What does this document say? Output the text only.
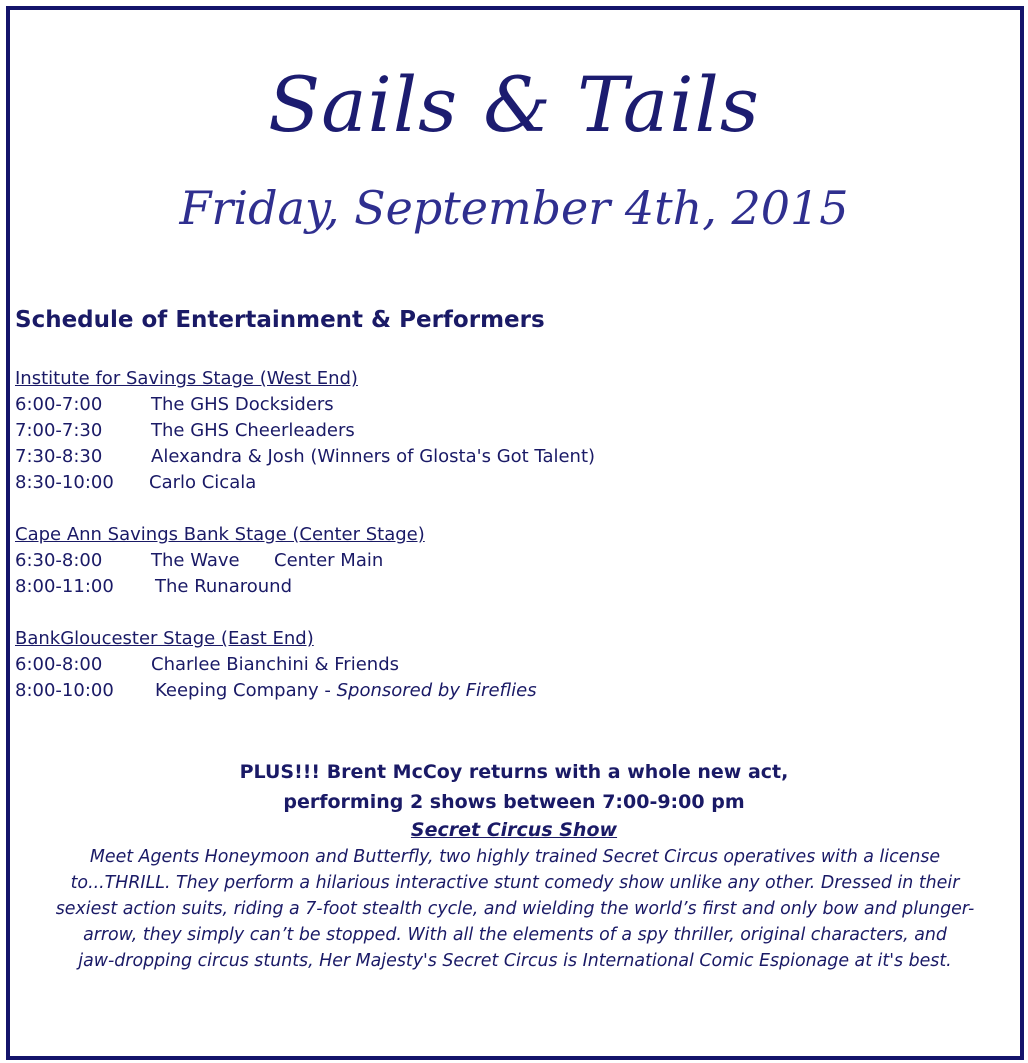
Sails & Tails
Friday, September 4th, 2015
Schedule of Entertainment & Performers
Institute for Savings Stage (West End)
6:00-7:00	The GHS Docksiders
7:00-7:30	The GHS Cheerleaders
7:30-8:30	Alexandra & Josh (Winners of Glosta's Got Talent)
8:30-10:00 Carlo Cicala
Cape Ann Savings Bank Stage (Center Stage)
6:30-8:00	The Wave Center Main
8:00-11:00 The Runaround
BankGloucester Stage (East End)
6:00-8:00	Charlee Bianchini & Friends
8:00-10:00 Keeping Company - Sponsored by Fireflies
PLUS!!! Brent McCoy returns with a whole new act,
performing 2 shows between 7:00-9:00 pm
Secret Circus Show
Meet Agents Honeymoon and Butterfly, two highly trained Secret Circus operatives with a license
to...THRILL. They perform a hilarious interactive stunt comedy show unlike any other. Dressed in their
sexiest action suits, riding a 7-foot stealth cycle, and wielding the world’s first and only bow and plunger-
arrow, they simply can’t be stopped. With all the elements of a spy thriller, original characters, and
jaw-dropping circus stunts, Her Majesty's Secret Circus is International Comic Espionage at it's best.
